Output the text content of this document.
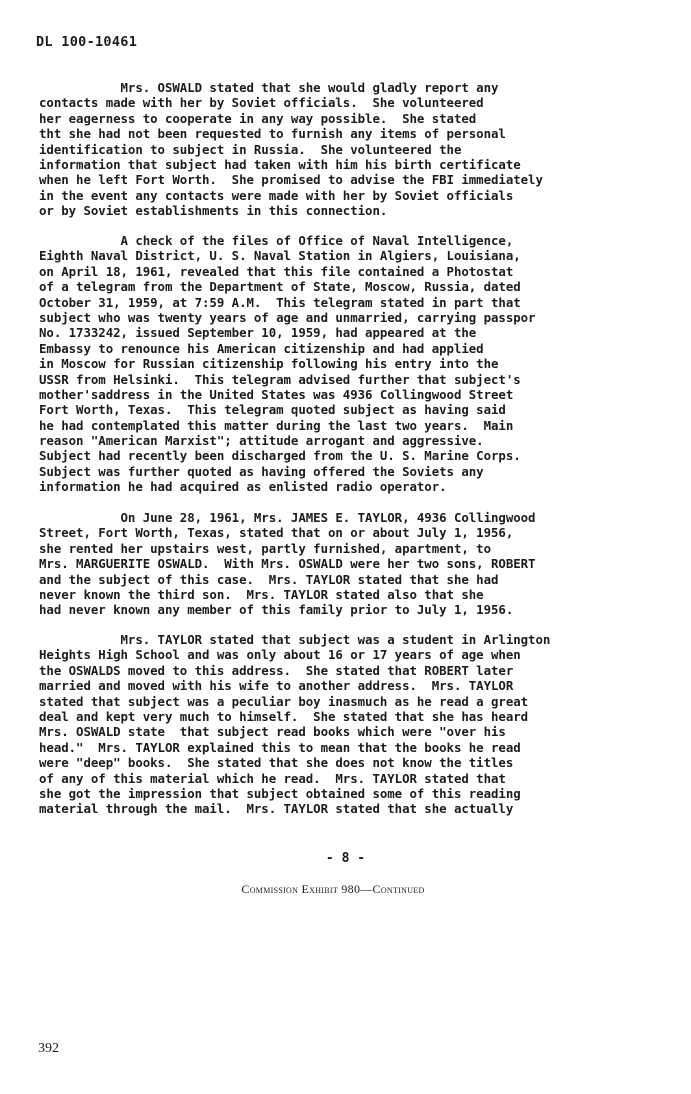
DL 100-10461
Mrs. OSWALD stated that she would gladly report any
contacts made with her by Soviet officials.  She volunteered
her eagerness to cooperate in any way possible.  She stated
tht she had not been requested to furnish any items of personal
identification to subject in Russia.  She volunteered the
information that subject had taken with him his birth certificate
when he left Fort Worth.  She promised to advise the FBI immediately
in the event any contacts were made with her by Soviet officials
or by Soviet establishments in this connection.
A check of the files of Office of Naval Intelligence,
Eighth Naval District, U. S. Naval Station in Algiers, Louisiana,
on April 18, 1961, revealed that this file contained a Photostat
of a telegram from the Department of State, Moscow, Russia, dated
October 31, 1959, at 7:59 A.M.  This telegram stated in part that
subject who was twenty years of age and unmarried, carrying passpor
No. 1733242, issued September 10, 1959, had appeared at the
Embassy to renounce his American citizenship and had applied
in Moscow for Russian citizenship following his entry into the
USSR from Helsinki.  This telegram advised further that subject's
mother'saddress in the United States was 4936 Collingwood Street
Fort Worth, Texas.  This telegram quoted subject as having said
he had contemplated this matter during the last two years.  Main
reason "American Marxist"; attitude arrogant and aggressive.
Subject had recently been discharged from the U. S. Marine Corps.
Subject was further quoted as having offered the Soviets any
information he had acquired as enlisted radio operator.
On June 28, 1961, Mrs. JAMES E. TAYLOR, 4936 Collingwood
Street, Fort Worth, Texas, stated that on or about July 1, 1956,
she rented her upstairs west, partly furnished, apartment, to
Mrs. MARGUERITE OSWALD.  With Mrs. OSWALD were her two sons, ROBERT
and the subject of this case.  Mrs. TAYLOR stated that she had
never known the third son.  Mrs. TAYLOR stated also that she
had never known any member of this family prior to July 1, 1956.
Mrs. TAYLOR stated that subject was a student in Arlington
Heights High School and was only about 16 or 17 years of age when
the OSWALDS moved to this address.  She stated that ROBERT later
married and moved with his wife to another address.  Mrs. TAYLOR
stated that subject was a peculiar boy inasmuch as he read a great
deal and kept very much to himself.  She stated that she has heard
Mrs. OSWALD state  that subject read books which were "over his
head."  Mrs. TAYLOR explained this to mean that the books he read
were "deep" books.  She stated that she does not know the titles
of any of this material which he read.  Mrs. TAYLOR stated that
she got the impression that subject obtained some of this reading
material through the mail.  Mrs. TAYLOR stated that she actually
- 8 -
Commission Exhibit 980—Continued
392
